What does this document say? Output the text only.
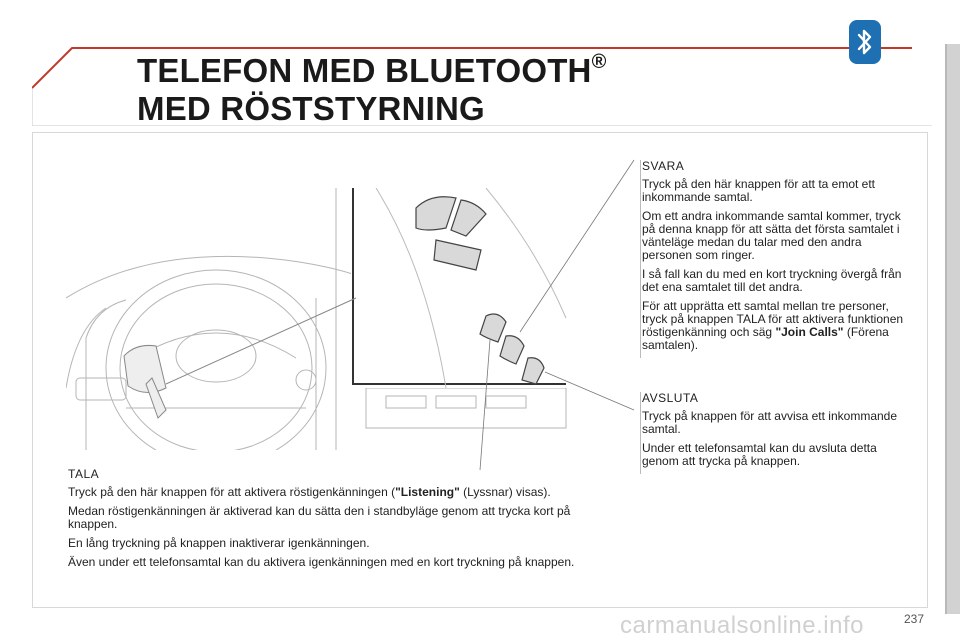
TELEFON MED BLUETOOTH®
MED RÖSTSTYRNING
SVARA

Tryck på den här knappen för att ta emot ett inkommande samtal.

Om ett andra inkommande samtal kommer, tryck på denna knapp för att sätta det första samtalet i vänteläge medan du talar med den andra personen som ringer.

I så fall kan du med en kort tryckning övergå från det ena samtalet till det andra.

För att upprätta ett samtal mellan tre personer, tryck på knappen TALA för att aktivera funktionen röstigenkänning och säg "Join Calls" (Förena samtalen).

AVSLUTA

Tryck på knappen för att avvisa ett inkommande samtal.

Under ett telefonsamtal kan du avsluta detta genom att trycka på knappen.

TALA

Tryck på den här knappen för att aktivera röstigenkänningen ("Listening" (Lyssnar) visas).

Medan röstigenkänningen är aktiverad kan du sätta den i standbyläge genom att trycka kort på knappen.

En lång tryckning på knappen inaktiverar igenkänningen.

Även under ett telefonsamtal kan du aktivera igenkänningen med en kort tryckning på knappen.

carmanualsonline.info	237
